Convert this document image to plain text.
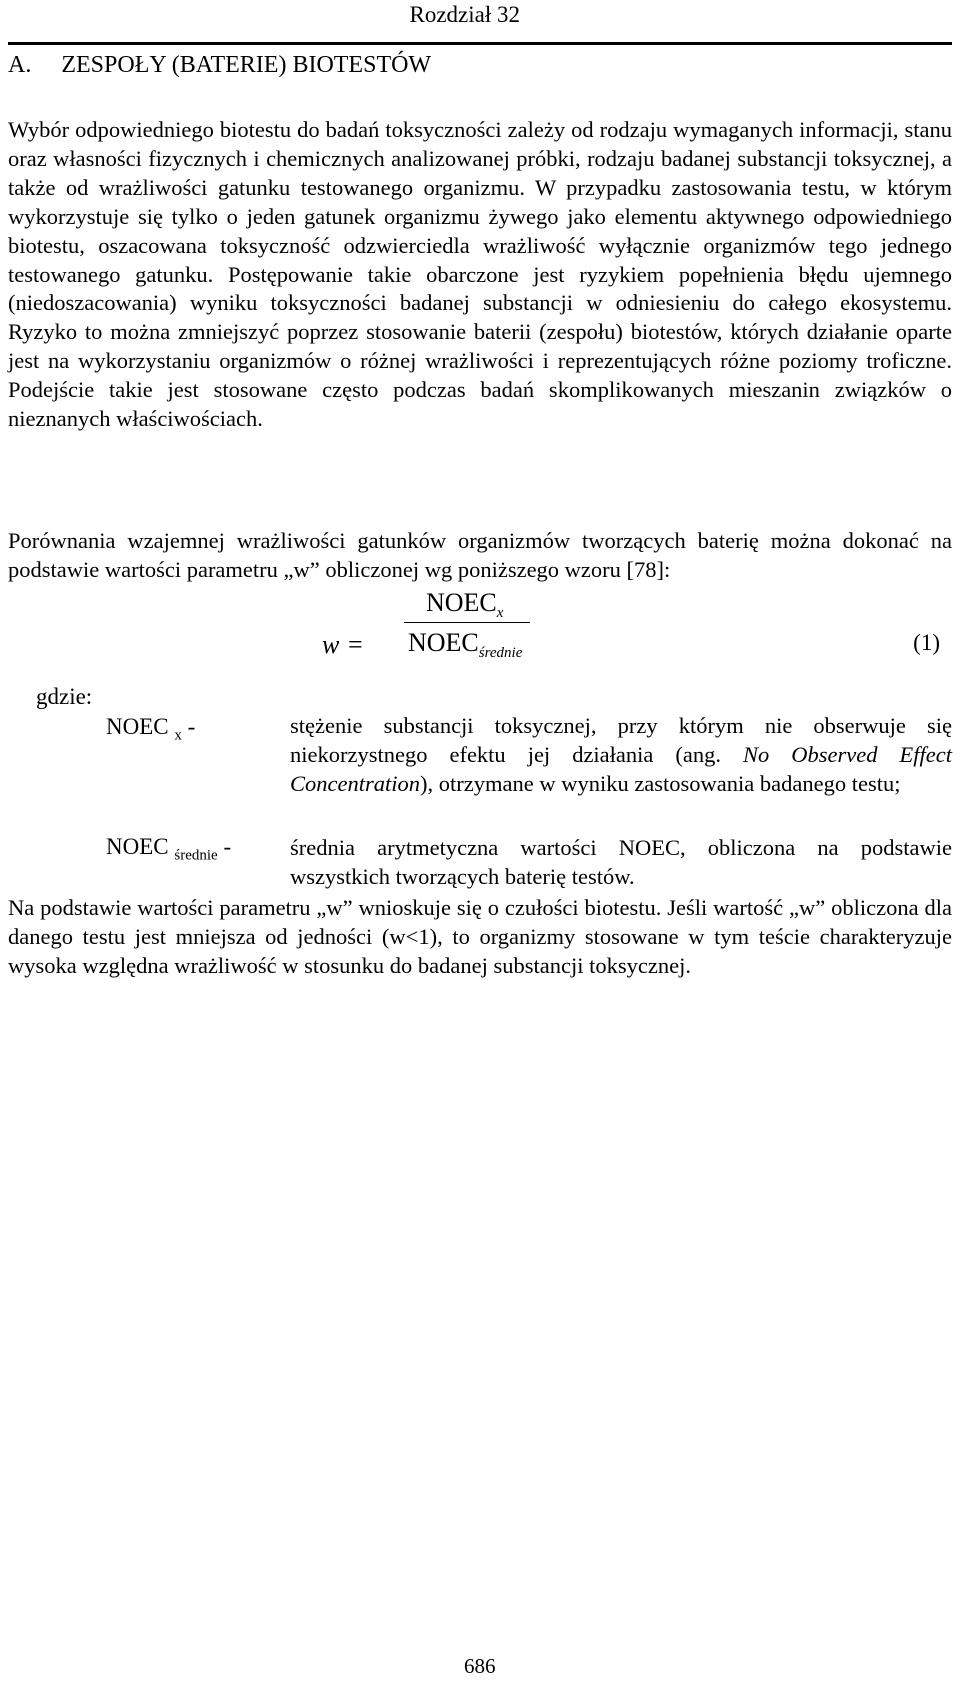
Rozdział 32
A. ZESPOŁY (BATERIE) BIOTESTÓW
Wybór odpowiedniego biotestu do badań toksyczności zależy od rodzaju wymaganych informacji, stanu oraz własności fizycznych i chemicznych analizowanej próbki, rodzaju badanej substancji toksycznej, a także od wrażliwości gatunku testowanego organizmu. W przypadku zastosowania testu, w którym wykorzystuje się tylko o jeden gatunek organizmu żywego jako elementu aktywnego odpowiedniego biotestu, oszacowana toksyczność odzwierciedla wrażliwość wyłącznie organizmów tego jednego testowanego gatunku. Postępowanie takie obarczone jest ryzykiem popełnienia błędu ujemnego (niedoszacowania) wyniku toksyczności badanej substancji w odniesieniu do całego ekosystemu. Ryzyko to można zmniejszyć poprzez stosowanie baterii (zespołu) biotestów, których działanie oparte jest na wykorzystaniu organizmów o różnej wrażliwości i reprezentujących różne poziomy troficzne. Podejście takie jest stosowane często podczas badań skomplikowanych mieszanin związków o nieznanych właściwościach.
Porównania wzajemnej wrażliwości gatunków organizmów tworzących baterię można dokonać na podstawie wartości parametru „w” obliczonej wg poniższego wzoru [78]:
w =
$NOEC_x$
$NOEC_{średnie}$	(1)
gdzie:
NOEC $_x$ -	stężenie substancji toksycznej, przy którym nie obserwuje się niekorzystnego efektu jej działania (ang. No Observed Effect Concentration), otrzymane w wyniku zastosowania badanego testu;
NOEC $_{średnie}$ -	średnia arytmetyczna wartości NOEC, obliczona na podstawie wszystkich tworzących baterię testów.
Na podstawie wartości parametru „w” wnioskuje się o czułości biotestu. Jeśli wartość „w” obliczona dla danego testu jest mniejsza od jedności (w<1), to organizmy stosowane w tym teście charakteryzuje wysoka względna wrażliwość w stosunku do badanej substancji toksycznej.
686
